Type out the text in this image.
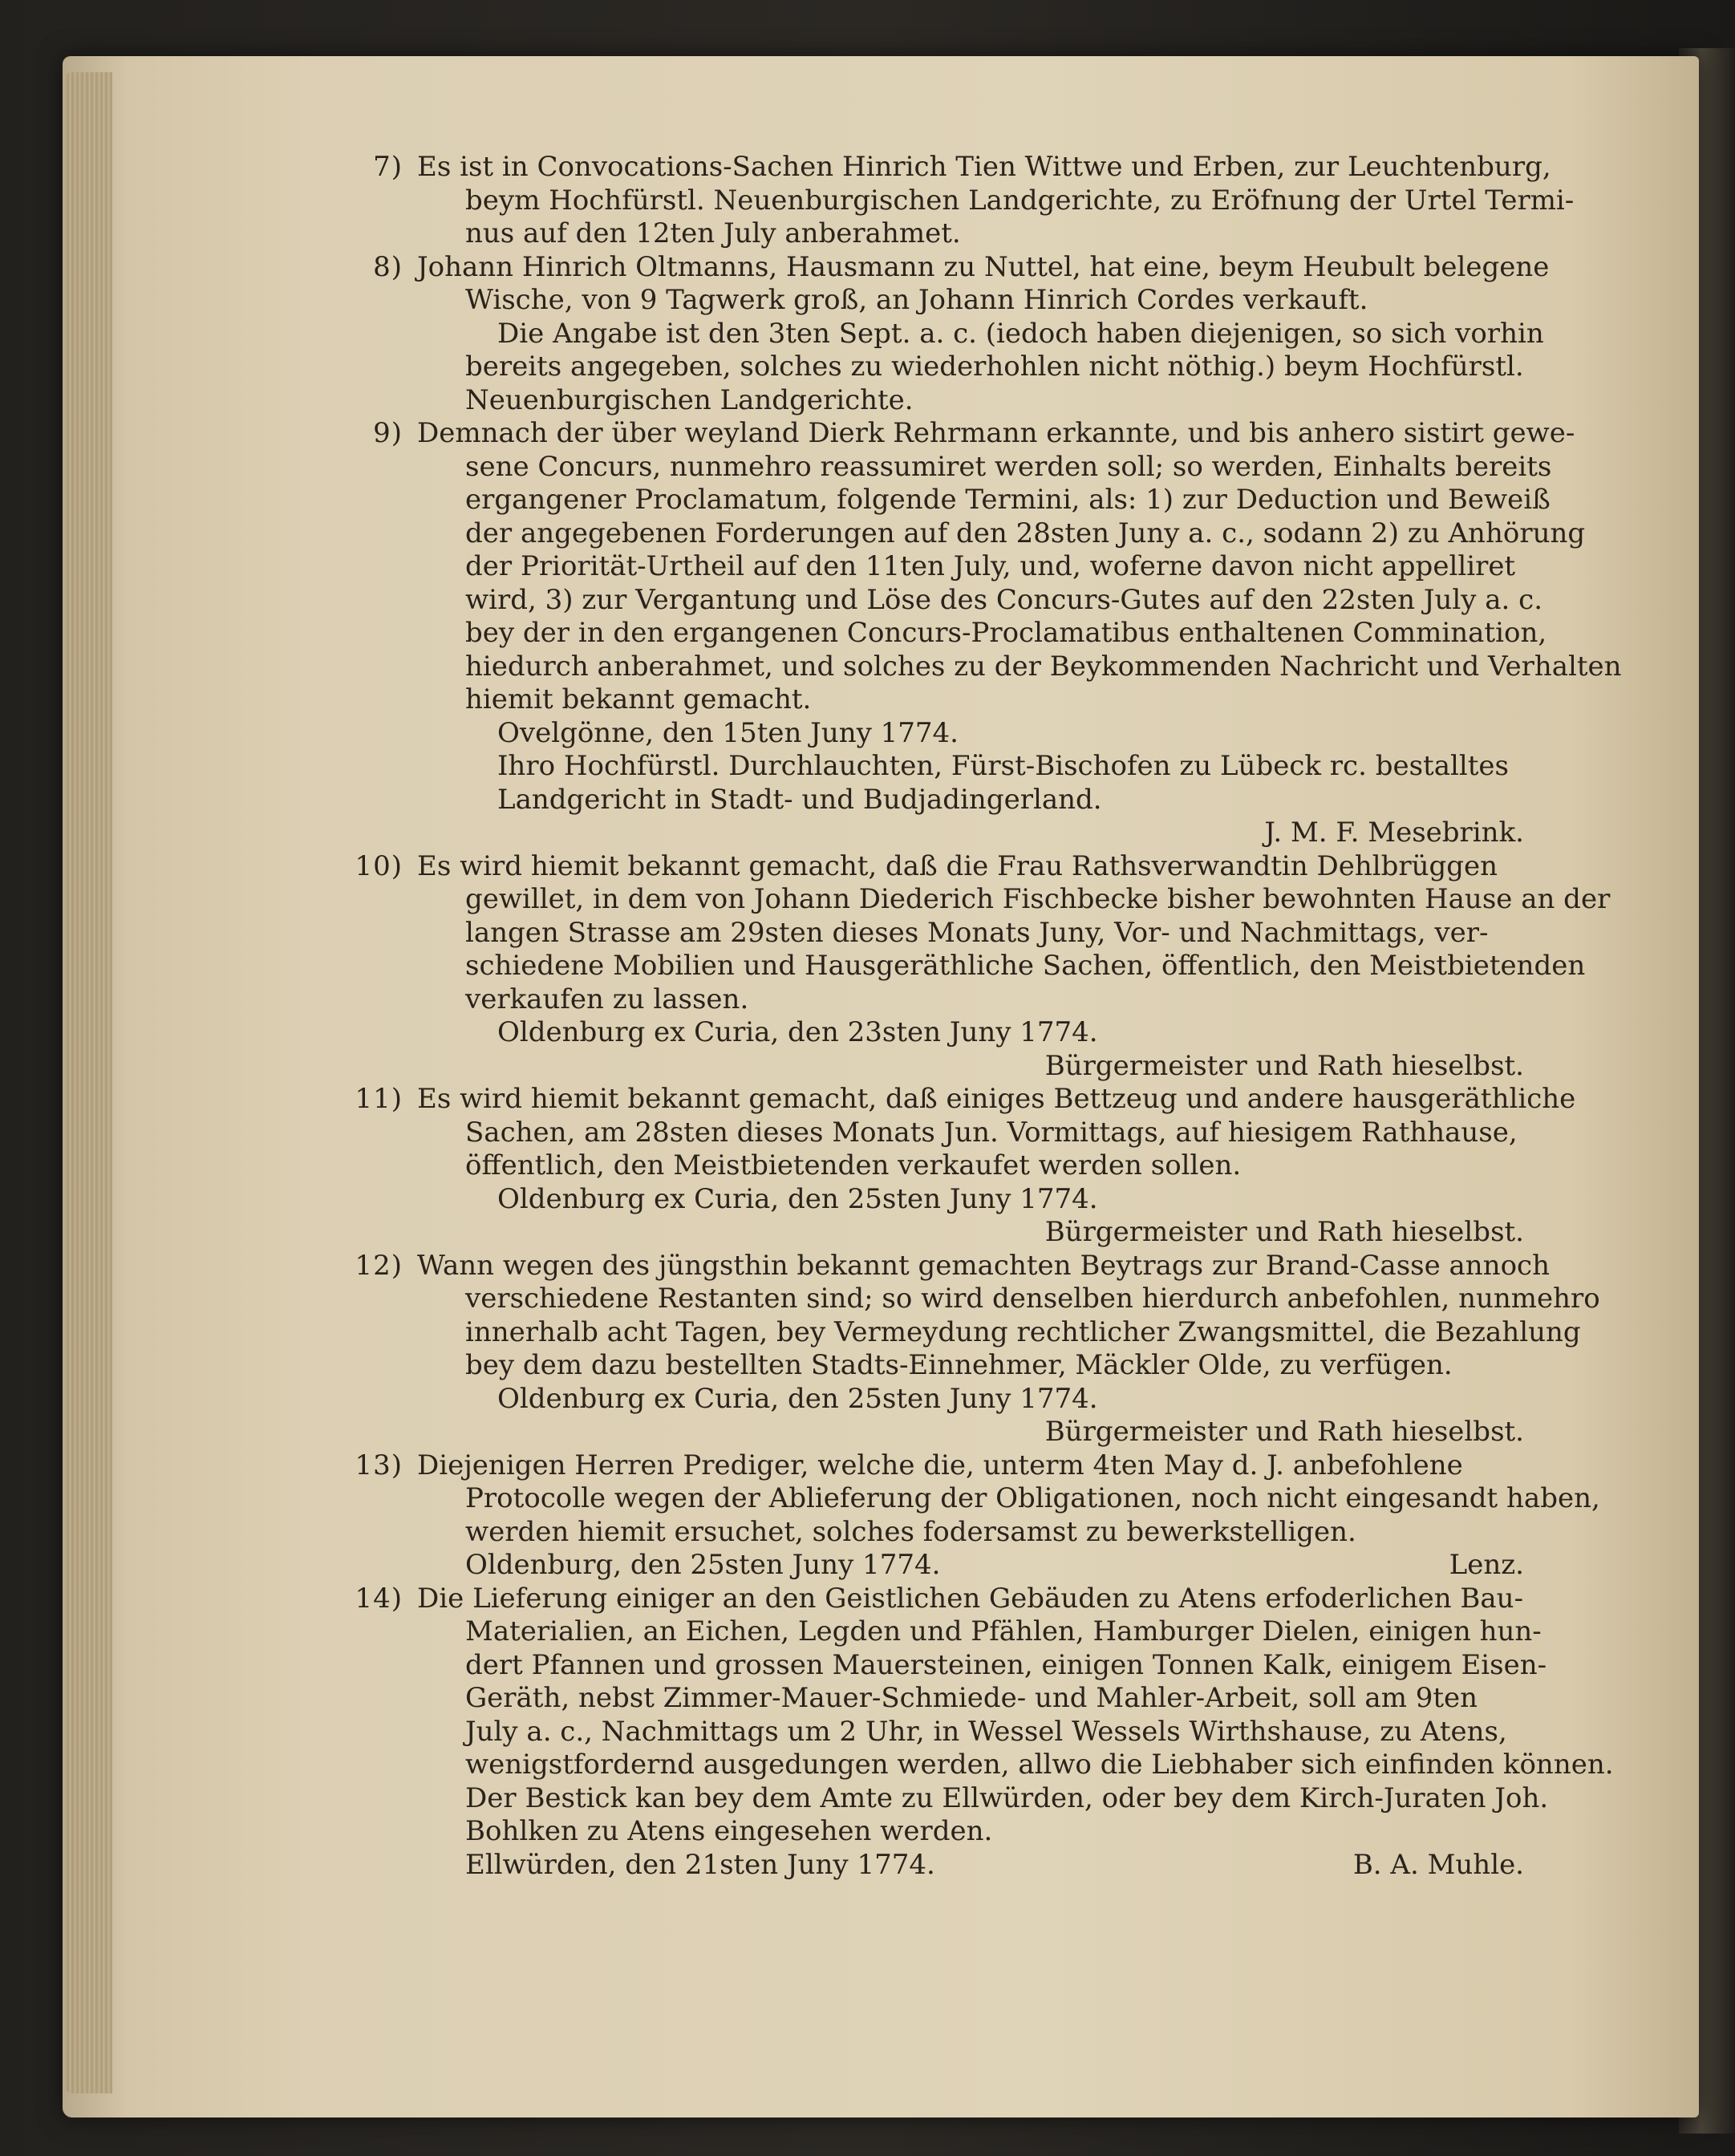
7) Es ist in Convocations-Sachen Hinrich Tien Wittwe und Erben, zur Leuchtenburg,
beym Hochfürstl. Neuenburgischen Landgerichte, zu Eröfnung der Urtel Termi-
nus auf den 12ten July anberahmet.
8) Johann Hinrich Oltmanns, Hausmann zu Nuttel, hat eine, beym Heubult belegene
Wische, von 9 Tagwerk groß, an Johann Hinrich Cordes verkauft.
Die Angabe ist den 3ten Sept. a. c. (iedoch haben diejenigen, so sich vorhin
bereits angegeben, solches zu wiederhohlen nicht nöthig.) beym Hochfürstl.
Neuenburgischen Landgerichte.
9) Demnach der über weyland Dierk Rehrmann erkannte, und bis anhero sistirt gewe-
sene Concurs, nunmehro reassumiret werden soll; so werden, Einhalts bereits
ergangener Proclamatum, folgende Termini, als: 1) zur Deduction und Beweiß
der angegebenen Forderungen auf den 28sten Juny a. c., sodann 2) zu Anhörung
der Priorität-Urtheil auf den 11ten July, und, woferne davon nicht appelliret
wird, 3) zur Vergantung und Löse des Concurs-Gutes auf den 22sten July a. c.
bey der in den ergangenen Concurs-Proclamatibus enthaltenen Commination,
hiedurch anberahmet, und solches zu der Beykommenden Nachricht und Verhalten
hiemit bekannt gemacht.
Ovelgönne, den 15ten Juny 1774.
Ihro Hochfürstl. Durchlauchten, Fürst-Bischofen zu Lübeck rc. bestalltes
Landgericht in Stadt- und Budjadingerland.
J. M. F. Mesebrink.
10) Es wird hiemit bekannt gemacht, daß die Frau Rathsverwandtin Dehlbrüggen
gewillet, in dem von Johann Diederich Fischbecke bisher bewohnten Hause an der
langen Strasse am 29sten dieses Monats Juny, Vor- und Nachmittags, ver-
schiedene Mobilien und Hausgeräthliche Sachen, öffentlich, den Meistbietenden
verkaufen zu lassen.
Oldenburg ex Curia, den 23sten Juny 1774.
Bürgermeister und Rath hieselbst.
11) Es wird hiemit bekannt gemacht, daß einiges Bettzeug und andere hausgeräthliche
Sachen, am 28sten dieses Monats Jun. Vormittags, auf hiesigem Rathhause,
öffentlich, den Meistbietenden verkaufet werden sollen.
Oldenburg ex Curia, den 25sten Juny 1774.
Bürgermeister und Rath hieselbst.
12) Wann wegen des jüngsthin bekannt gemachten Beytrags zur Brand-Casse annoch
verschiedene Restanten sind; so wird denselben hierdurch anbefohlen, nunmehro
innerhalb acht Tagen, bey Vermeydung rechtlicher Zwangsmittel, die Bezahlung
bey dem dazu bestellten Stadts-Einnehmer, Mäckler Olde, zu verfügen.
Oldenburg ex Curia, den 25sten Juny 1774.
Bürgermeister und Rath hieselbst.
13) Diejenigen Herren Prediger, welche die, unterm 4ten May d. J. anbefohlene
Protocolle wegen der Ablieferung der Obligationen, noch nicht eingesandt haben,
werden hiemit ersuchet, solches fodersamst zu bewerkstelligen.
Oldenburg, den 25sten Juny 1774.	Lenz.
14) Die Lieferung einiger an den Geistlichen Gebäuden zu Atens erfoderlichen Bau-
Materialien, an Eichen, Legden und Pfählen, Hamburger Dielen, einigen hun-
dert Pfannen und grossen Mauersteinen, einigen Tonnen Kalk, einigem Eisen-
Geräth, nebst Zimmer-Mauer-Schmiede- und Mahler-Arbeit, soll am 9ten
July a. c., Nachmittags um 2 Uhr, in Wessel Wessels Wirthshause, zu Atens,
wenigstfordernd ausgedungen werden, allwo die Liebhaber sich einfinden können.
Der Bestick kan bey dem Amte zu Ellwürden, oder bey dem Kirch-Juraten Joh.
Bohlken zu Atens eingesehen werden.
Ellwürden, den 21sten Juny 1774.	B. A. Muhle.
